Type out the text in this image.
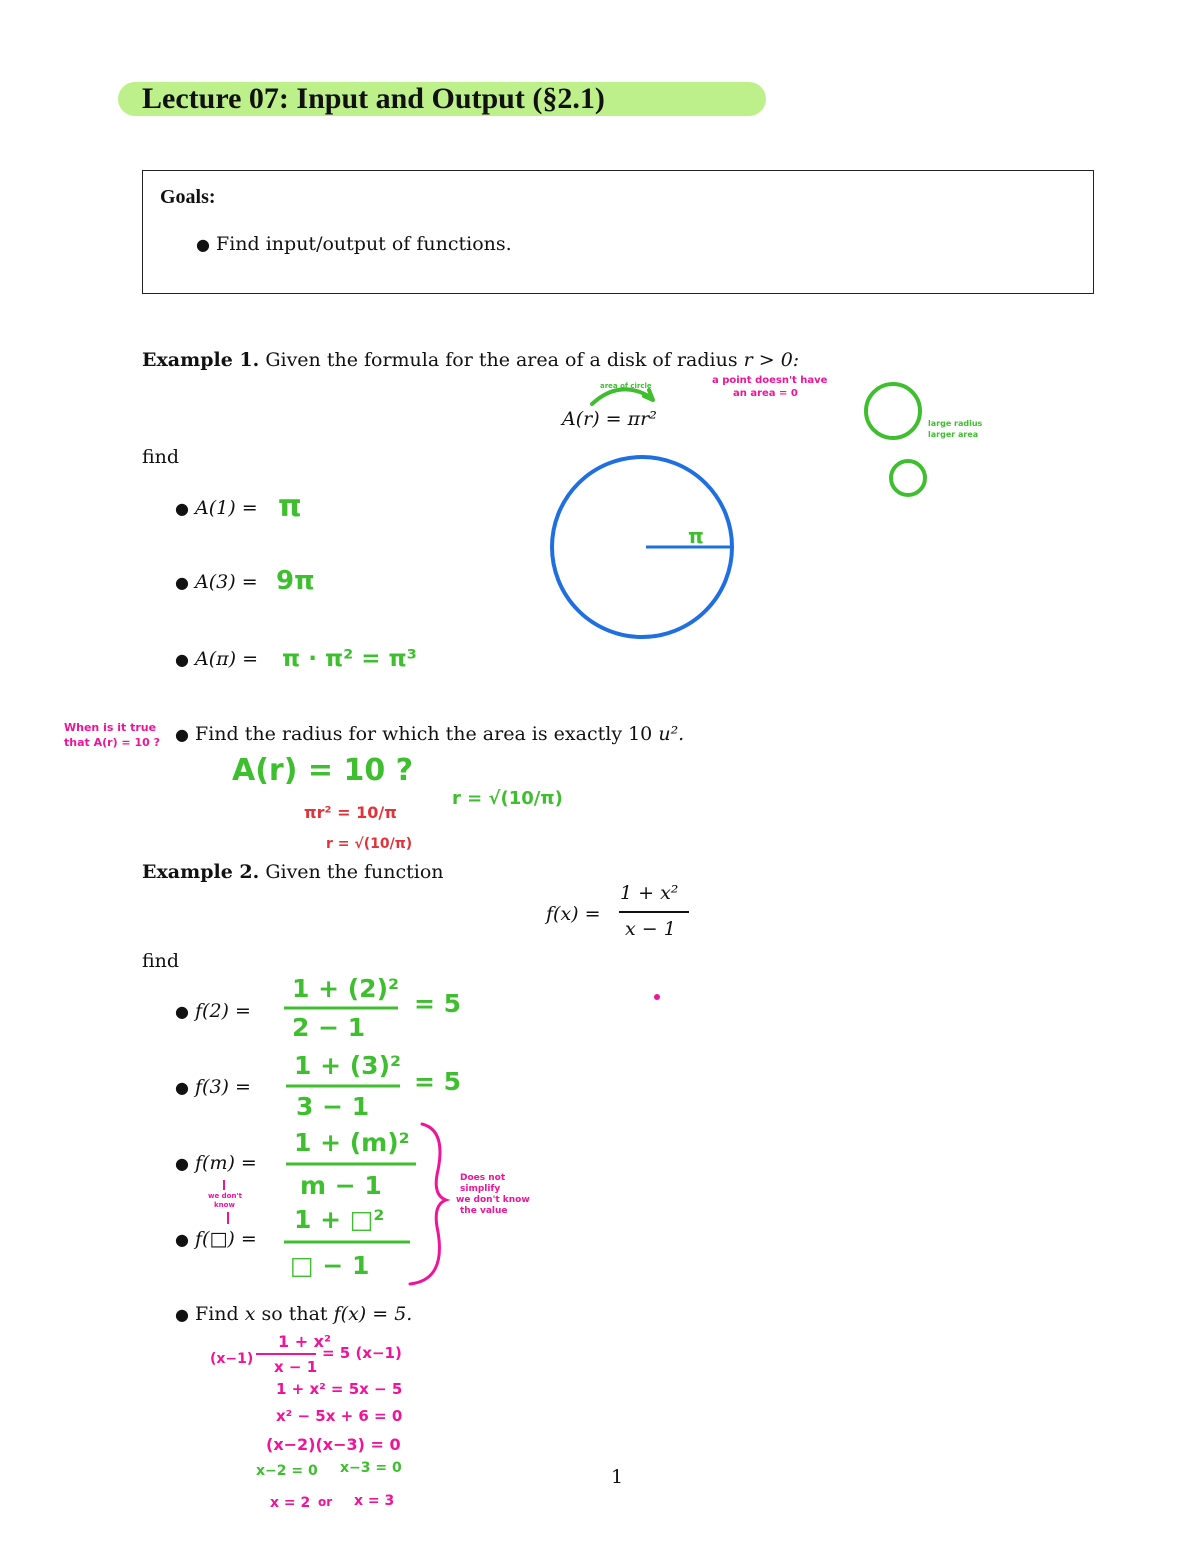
Lecture 07: Input and Output (§2.1)
Goals:
● Find input/output of functions.
Example 1. Given the formula for the area of a disk of radius r > 0:
A(r) = πr²
find
● A(1) =
● A(3) =
● A(π) =
● Find the radius for which the area is exactly 10 u².
Example 2. Given the function
f(x) =
1 + x²
x − 1
find
● f(2) =
● f(3) =
● f(m) =
● f(□) =
● Find x so that f(x) = 5.
1
π
large radius
larger area
area of circle	a point doesn't have
an area = 0
π
9π
π · π² = π³
When is it true
that A(r) = 10 ?
A(r) = 10 ?
πr² = 10/π
r = √(10/π)
r = √(10/π)
1 + (2)²
2 − 1
= 5
1 + (3)²
3 − 1
= 5
1 + (m)²
m − 1
1 + □²
□ − 1
Does not
simplify
we don't know
the value
we don't
know
(x−1)
1 + x²
x − 1
= 5 (x−1)
1 + x² = 5x − 5
x² − 5x + 6 = 0
(x−2)(x−3) = 0
x−2 = 0 x−3 = 0
x = 2 or x = 3
